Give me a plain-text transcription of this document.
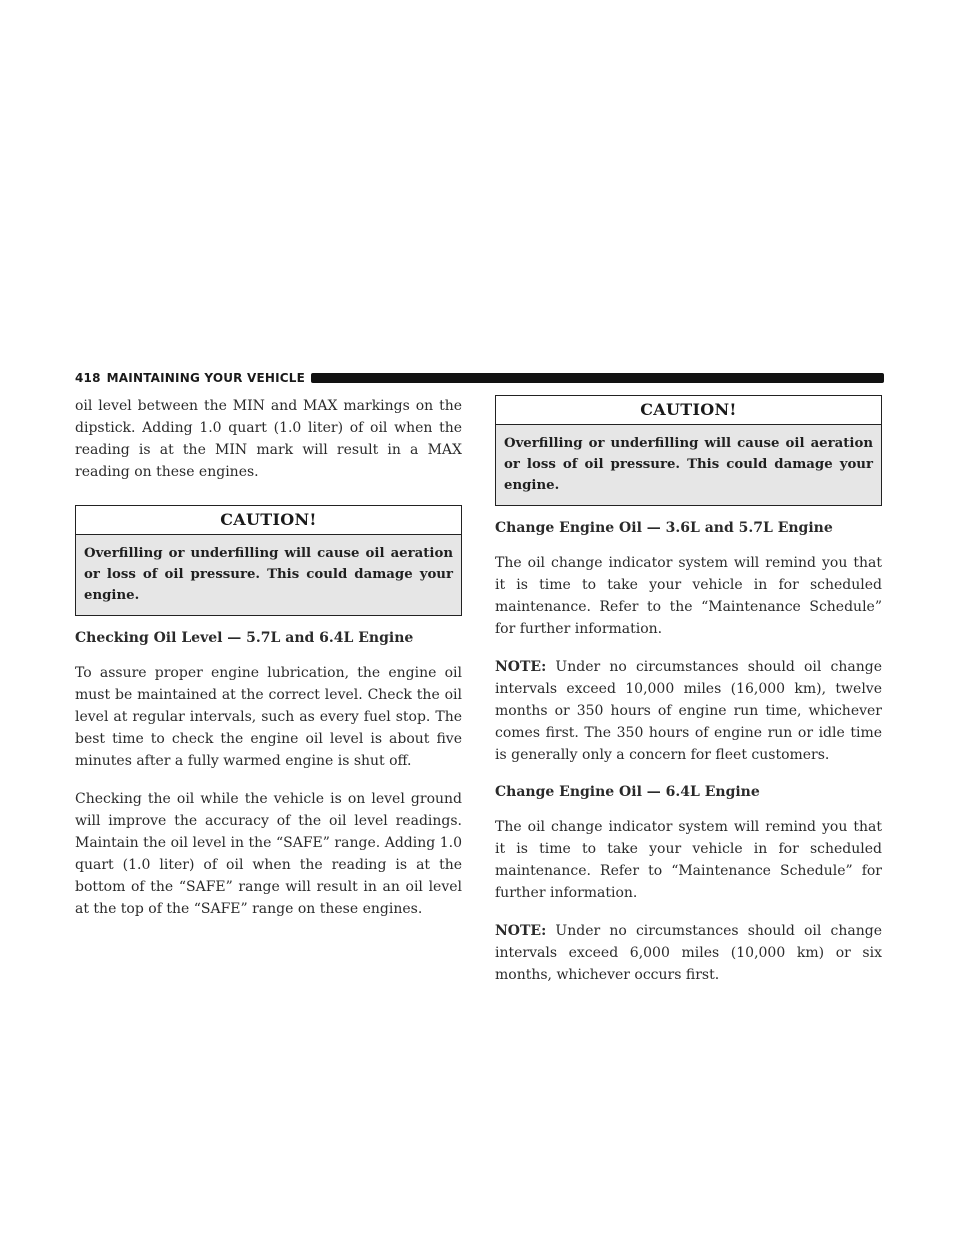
418 MAINTAINING YOUR VEHICLE

oil level between the MIN and MAX markings on the dipstick. Adding 1.0 quart (1.0 liter) of oil when the reading is at the MIN mark will result in a MAX reading on these engines.

CAUTION!
Overfilling or underfilling will cause oil aeration or loss of oil pressure. This could damage your engine.
Checking Oil Level — 5.7L and 6.4L Engine

To assure proper engine lubrication, the engine oil must be maintained at the correct level. Check the oil level at regular intervals, such as every fuel stop. The best time to check the engine oil level is about five minutes after a fully warmed engine is shut off.

Checking the oil while the vehicle is on level ground will improve the accuracy of the oil level readings. Maintain the oil level in the “SAFE” range. Adding 1.0 quart (1.0 liter) of oil when the reading is at the bottom of the “SAFE” range will result in an oil level at the top of the “SAFE” range on these engines.

CAUTION!
Overfilling or underfilling will cause oil aeration or loss of oil pressure. This could damage your engine.
Change Engine Oil — 3.6L and 5.7L Engine

The oil change indicator system will remind you that it is time to take your vehicle in for scheduled maintenance. Refer to the “Maintenance Schedule” for further information.

NOTE: Under no circumstances should oil change intervals exceed 10,000 miles (16,000 km), twelve months or 350 hours of engine run time, whichever comes first. The 350 hours of engine run or idle time is generally only a concern for fleet customers.

Change Engine Oil — 6.4L Engine

The oil change indicator system will remind you that it is time to take your vehicle in for scheduled maintenance. Refer to “Maintenance Schedule” for further information.

NOTE: Under no circumstances should oil change intervals exceed 6,000 miles (10,000 km) or six months, whichever occurs first.
